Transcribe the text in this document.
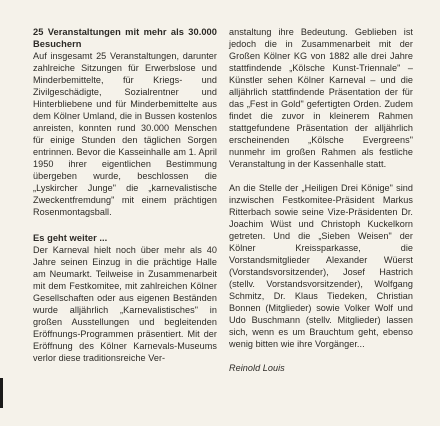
25 Veranstaltungen mit mehr als 30.000 Besuchern

Auf insgesamt 25 Veranstaltungen, darunter zahlreiche Sitzungen für Erwerbslose und Minderbemittelte, für Kriegs- und Zivilgeschädigte, Sozialrentner und Hinterbliebene und für Minderbemittelte aus dem Kölner Umland, die in Bussen kostenlos anreisten, konnten rund 30.000 Menschen für einige Stunden den täglichen Sorgen entrinnen. Bevor die Kasseinhalle am 1. April 1950 ihrer eigentlichen Bestimmung übergeben wurde, beschlossen die „Lyskircher Junge" die „karnevalistische Zweckentfremdung" mit einem prächtigen Rosenmontagsball.

Es geht weiter ...

Der Karneval hielt noch über mehr als 40 Jahre seinen Einzug in die prächtige Halle am Neumarkt. Teilweise in Zusammenarbeit mit dem Festkomitee, mit zahlreichen Kölner Gesellschaften oder aus eigenen Beständen wurde alljährlich „Karnevalistisches" in großen Ausstellungen und begleitenden Eröffnungs-Programmen präsentiert. Mit der Eröffnung des Kölner Karnevals-Museums verlor diese traditionsreiche Ver-

anstaltung ihre Bedeutung. Geblieben ist jedoch die in Zusammenarbeit mit der Großen Kölner KG von 1882 alle drei Jahre stattfindende „Kölsche Kunst-Triennale" – Künstler sehen Kölner Karneval – und die alljährlich stattfindende Präsentation der für das „Fest in Gold" gefertigten Orden. Zudem findet die zuvor in kleinerem Rahmen stattgefundene Präsentation der alljährlich erscheinenden „Kölsche Evergreens" nunmehr im großen Rahmen als festliche Veranstaltung in der Kassenhalle statt.

An die Stelle der „Heiligen Drei Könige" sind inzwischen Festkomitee-Präsident Markus Ritterbach sowie seine Vize-Präsidenten Dr. Joachim Wüst und Christoph Kuckelkorn getreten. Und die „Sieben Weisen" der Kölner Kreissparkasse, die Vorstandsmitglieder Alexander Wüerst (Vorstandsvorsitzender), Josef Hastrich (stellv. Vorstandsvorsitzender), Wolfgang Schmitz, Dr. Klaus Tiedeken, Christian Bonnen (Mitglieder) sowie Volker Wolf und Udo Buschmann (stellv. Mitglieder) lassen sich, wenn es um Brauchtum geht, ebenso wenig bitten wie ihre Vorgänger...

Reinold Louis
